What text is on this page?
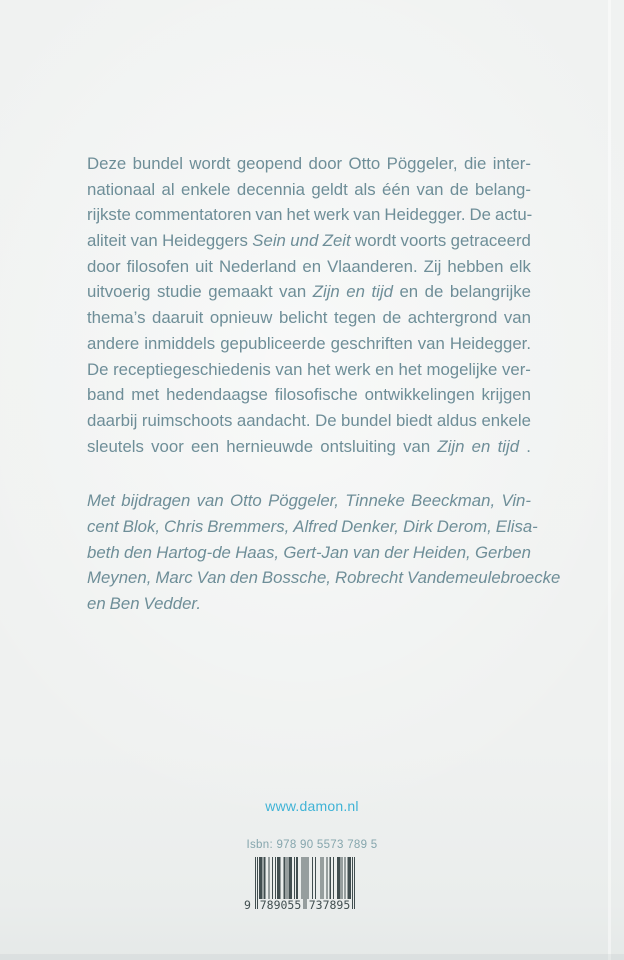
Deze bundel wordt geopend door Otto Pöggeler, die inter-
nationaal al enkele decennia geldt als één van de belang-
rijkste commentatoren van het werk van Heidegger. De actu-
aliteit van Heideggers Sein und Zeit wordt voorts getraceerd
door filosofen uit Nederland en Vlaanderen. Zij hebben elk
uitvoerig studie gemaakt van Zijn en tijd en de belangrijke
thema’s daaruit opnieuw belicht tegen de achtergrond van
andere inmiddels gepubliceerde geschriften van Heidegger.
De receptiegeschiedenis van het werk en het mogelijke ver-
band met hedendaagse filosofische ontwikkelingen krijgen
daarbij ruimschoots aandacht. De bundel biedt aldus enkele
sleutels voor een hernieuwde ontsluiting van Zijn en tijd .
Met bijdragen van Otto Pöggeler, Tinneke Beeckman, Vin-
cent Blok, Chris Bremmers, Alfred Denker, Dirk Derom, Elisa-
beth den Hartog-de Haas, Gert-Jan van der Heiden, Gerben
Meynen, Marc Van den Bossche, Robrecht Vandemeulebroecke
en Ben Vedder.
www.damon.nl
Isbn: 978 90 5573 789 5
9 789055 737895
